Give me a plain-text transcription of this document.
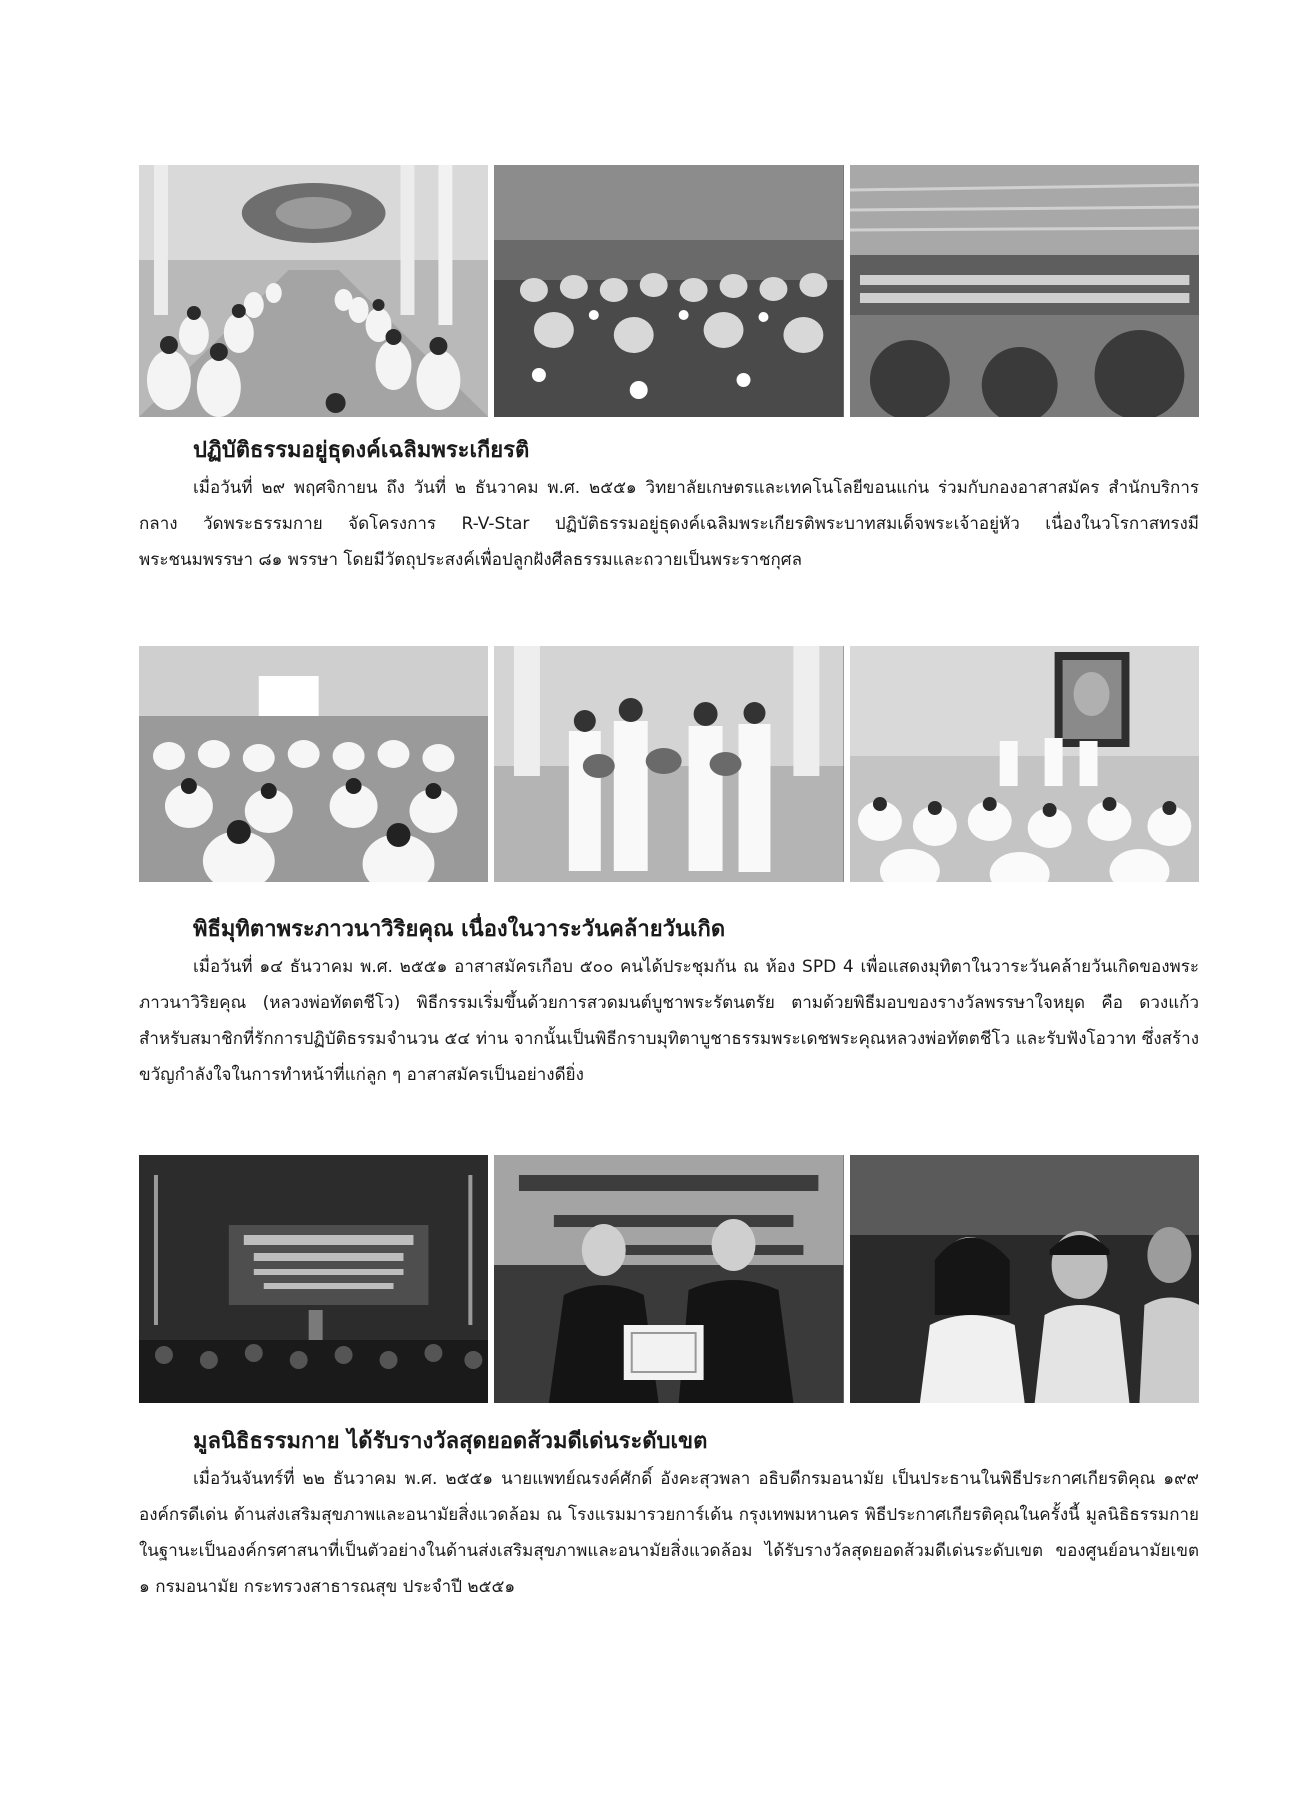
ปฏิบัติธรรมอยู่ธุดงค์เฉลิมพระเกียรติ

เมื่อวันที่ ๒๙ พฤศจิกายน ถึง วันที่ ๒ ธันวาคม พ.ศ. ๒๕๕๑ วิทยาลัยเกษตรและเทคโนโลยีขอนแก่น ร่วมกับกองอาสาสมัคร สำนักบริการกลาง วัดพระธรรมกาย จัดโครงการ R-V-Star ปฏิบัติธรรมอยู่ธุดงค์เฉลิมพระเกียรติพระบาทสมเด็จพระเจ้าอยู่หัว เนื่องในวโรกาสทรงมีพระชนมพรรษา ๘๑ พรรษา โดยมีวัตถุประสงค์เพื่อปลูกฝังศีลธรรมและถวายเป็นพระราชกุศล

พิธีมุทิตาพระภาวนาวิริยคุณ เนื่องในวาระวันคล้ายวันเกิด

เมื่อวันที่ ๑๔ ธันวาคม พ.ศ. ๒๕๕๑ อาสาสมัครเกือบ ๕๐๐ คนได้ประชุมกัน ณ ห้อง SPD 4 เพื่อแสดงมุทิตาในวาระวันคล้ายวันเกิดของพระภาวนาวิริยคุณ (หลวงพ่อทัตตชีโว) พิธีกรรมเริ่มขึ้นด้วยการสวดมนต์บูชาพระรัตนตรัย ตามด้วยพิธีมอบของรางวัลพรรษาใจหยุด คือ ดวงแก้ว สำหรับสมาชิกที่รักการปฏิบัติธรรมจำนวน ๕๔ ท่าน จากนั้นเป็นพิธีกราบมุทิตาบูชาธรรมพระเดชพระคุณหลวงพ่อทัตตชีโว และรับฟังโอวาท ซึ่งสร้างขวัญกำลังใจในการทำหน้าที่แก่ลูก ๆ อาสาสมัครเป็นอย่างดียิ่ง

มูลนิธิธรรมกาย ได้รับรางวัลสุดยอดส้วมดีเด่นระดับเขต

เมื่อวันจันทร์ที่ ๒๒ ธันวาคม พ.ศ. ๒๕๕๑ นายแพทย์ณรงค์ศักดิ์ อังคะสุวพลา อธิบดีกรมอนามัย เป็นประธานในพิธีประกาศเกียรติคุณ ๑๙๙ องค์กรดีเด่น ด้านส่งเสริมสุขภาพและอนามัยสิ่งแวดล้อม ณ โรงแรมมารวยการ์เด้น กรุงเทพมหานคร พิธีประกาศเกียรติคุณในครั้งนี้ มูลนิธิธรรมกายในฐานะเป็นองค์กรศาสนาที่เป็นตัวอย่างในด้านส่งเสริมสุขภาพและอนามัยสิ่งแวดล้อม ได้รับรางวัลสุดยอดส้วมดีเด่นระดับเขต ของศูนย์อนามัยเขต ๑ กรมอนามัย กระทรวงสาธารณสุข ประจำปี ๒๕๕๑
